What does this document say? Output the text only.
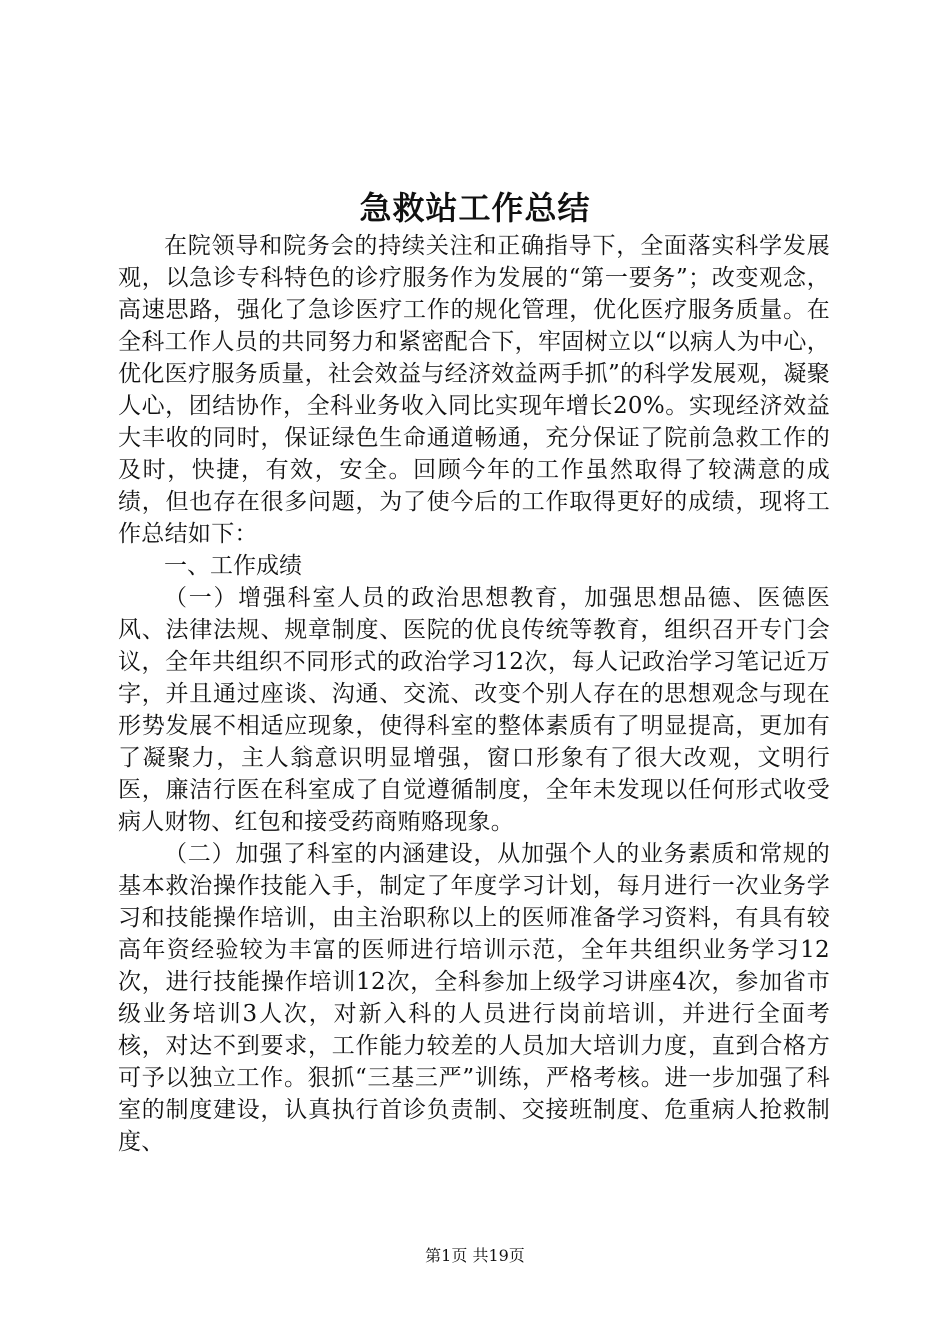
急救站工作总结

在院领导和院务会的持续关注和正确指导下，全面落实科学发展观，以急诊专科特色的诊疗服务作为发展的“第一要务”；改变观念，高速思路，强化了急诊医疗工作的规化管理，优化医疗服务质量。在全科工作人员的共同努力和紧密配合下，牢固树立以“以病人为中心，优化医疗服务质量，社会效益与经济效益两手抓”的科学发展观，凝聚人心，团结协作，全科业务收入同比实现年增长20%。实现经济效益大丰收的同时，保证绿色生命通道畅通，充分保证了院前急救工作的及时，快捷，有效，安全。回顾今年的工作虽然取得了较满意的成绩，但也存在很多问题，为了使今后的工作取得更好的成绩，现将工作总结如下：

一、工作成绩

（一）增强科室人员的政治思想教育，加强思想品德、医德医风、法律法规、规章制度、医院的优良传统等教育，组织召开专门会议，全年共组织不同形式的政治学习12次，每人记政治学习笔记近万字，并且通过座谈、沟通、交流、改变个别人存在的思想观念与现在形势发展不相适应现象，使得科室的整体素质有了明显提高，更加有了凝聚力，主人翁意识明显增强，窗口形象有了很大改观，文明行医，廉洁行医在科室成了自觉遵循制度，全年未发现以任何形式收受病人财物、红包和接受药商贿赂现象。

（二）加强了科室的内涵建设，从加强个人的业务素质和常规的基本救治操作技能入手，制定了年度学习计划，每月进行一次业务学习和技能操作培训，由主治职称以上的医师准备学习资料，有具有较高年资经验较为丰富的医师进行培训示范，全年共组织业务学习12次，进行技能操作培训12次，全科参加上级学习讲座4次，参加省市级业务培训3人次，对新入科的人员进行岗前培训，并进行全面考核，对达不到要求，工作能力较差的人员加大培训力度，直到合格方可予以独立工作。狠抓“三基三严”训练，严格考核。进一步加强了科室的制度建设，认真执行首诊负责制、交接班制度、危重病人抢救制度、

第1页 共19页
